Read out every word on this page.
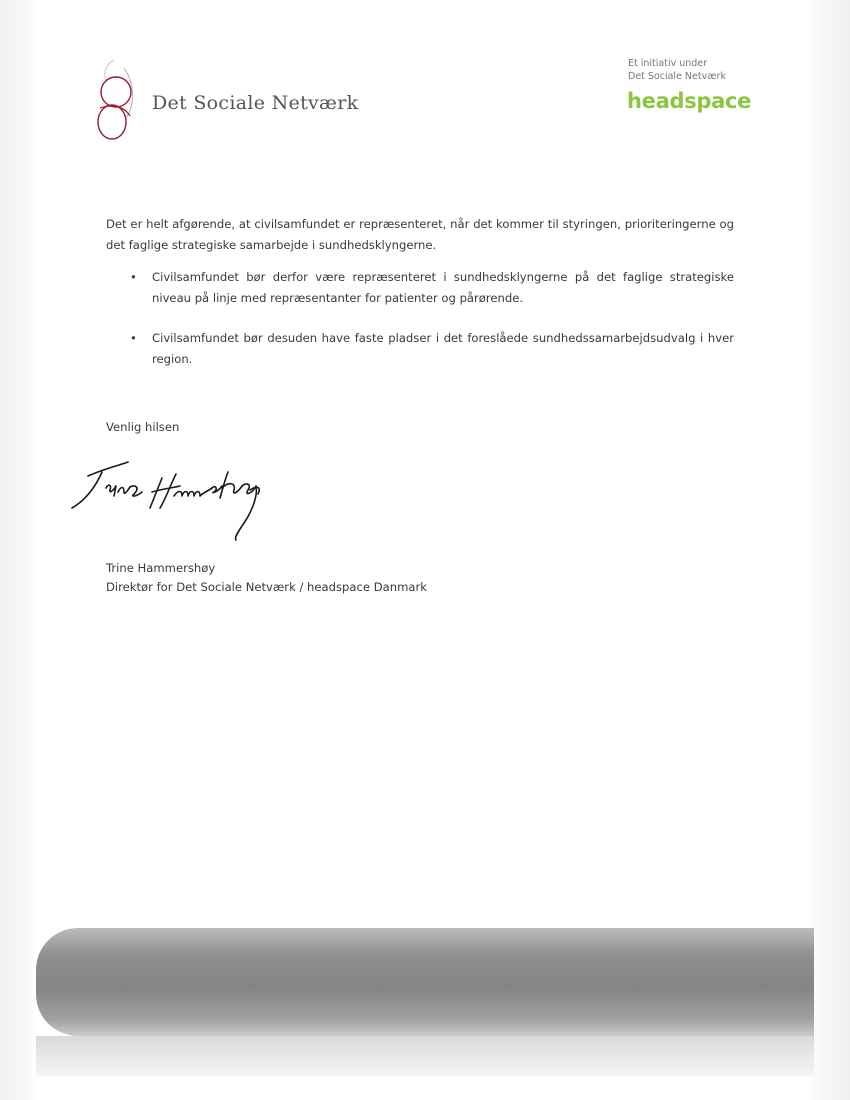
Det Sociale Netværk
Et initiativ under
Det Sociale Netværk
headspace

Det er helt afgørende, at civilsamfundet er repræsenteret, når det kommer til styringen, prioriteringerne og det faglige strategiske samarbejde i sundhedsklyngerne.

• Civilsamfundet bør derfor være repræsenteret i sundhedsklyngerne på det faglige strategiske niveau på linje med repræsentanter for patienter og pårørende.
• Civilsamfundet bør desuden have faste pladser i det foreslåede sundhedssamarbejdsudvalg i hver region.
Venlig hilsen
Trine Hammershøy
Direktør for Det Sociale Netværk / headspace Danmark
